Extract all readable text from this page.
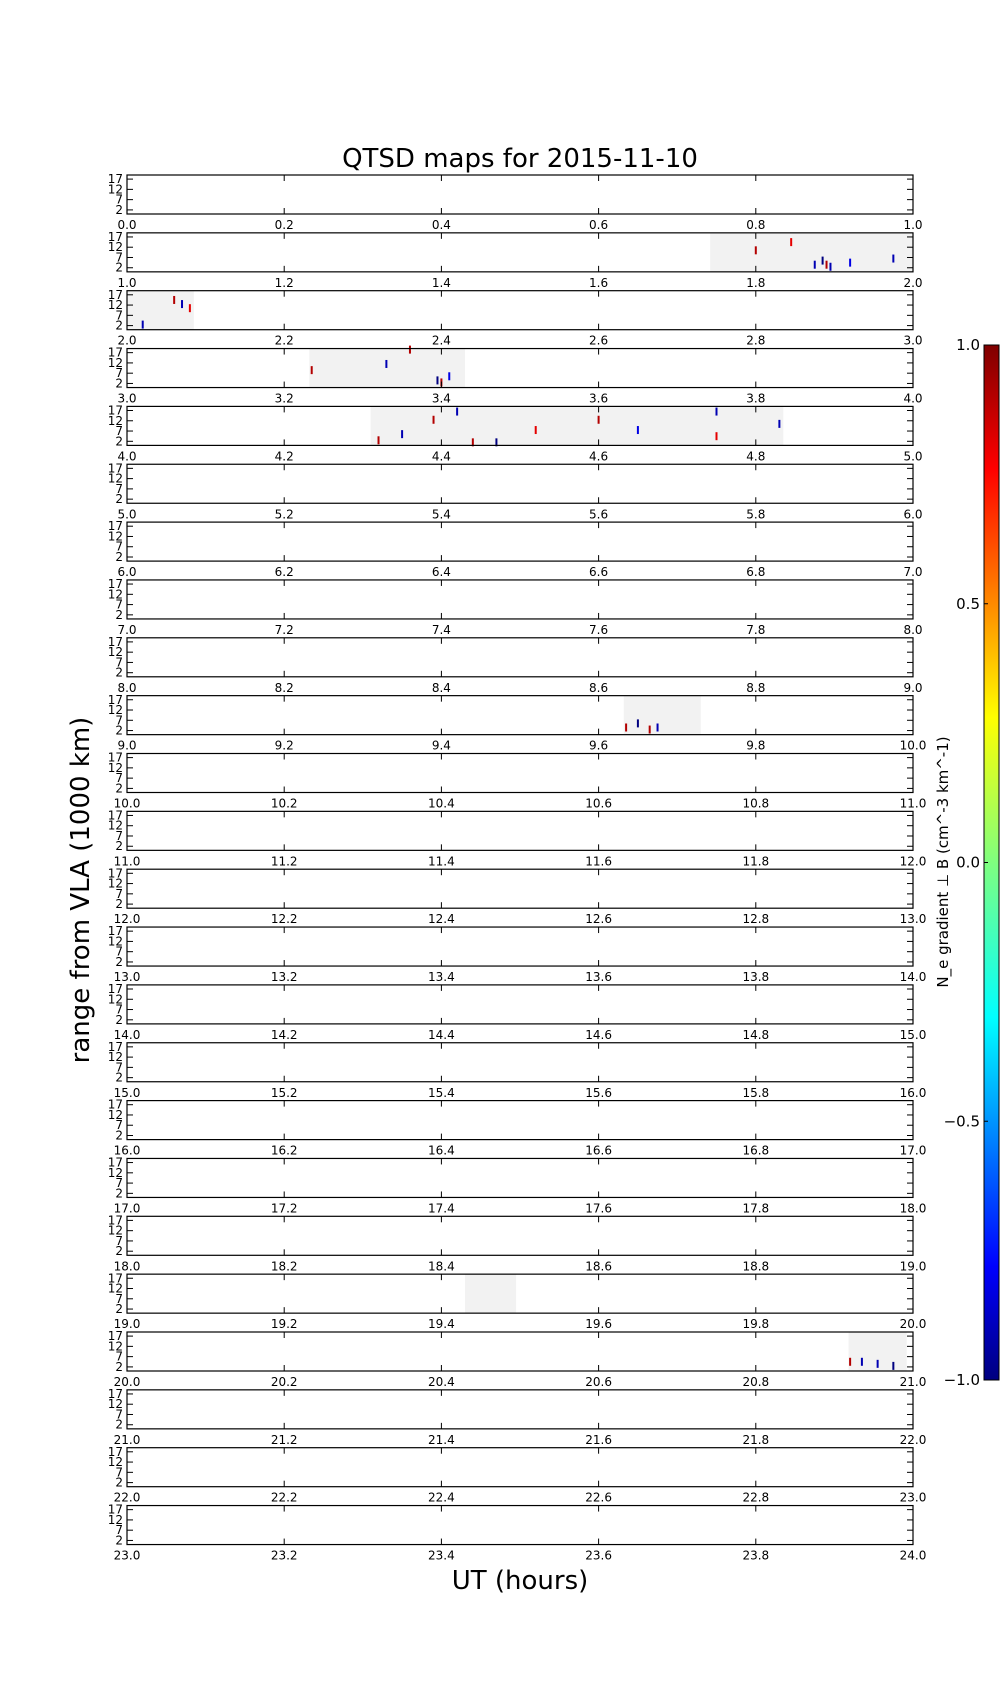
QTSD maps for 2015-11-10
range from VLA (1000 km)
UT (hours)
17
12
7
2
0.0	0.2	0.4	0.6	0.8	1.0
17
12
7
2
1.0	1.2	1.4	1.6	1.8	2.0
17
12
7
2
2.0	2.2	2.4	2.6	2.8	3.0
17
12
7
2
3.0	3.2	3.4	3.6	3.8	4.0
17
12
7
2
4.0	4.2	4.4	4.6	4.8	5.0
17
12
7
2
5.0	5.2	5.4	5.6	5.8	6.0
17
12
7
2
6.0	6.2	6.4	6.6	6.8	7.0
17
12
7
2
7.0	7.2	7.4	7.6	7.8	8.0
17
12
7
2
8.0	8.2	8.4	8.6	8.8	9.0
17
12
7
2
9.0	9.2	9.4	9.6	9.8	10.0
17
12
7
2
10.0	10.2	10.4	10.6	10.8	11.0
17
12
7
2
11.0	11.2	11.4	11.6	11.8	12.0
17
12
7
2
12.0	12.2	12.4	12.6	12.8	13.0
17
12
7
2
13.0	13.2	13.4	13.6	13.8	14.0
17
12
7
2
14.0	14.2	14.4	14.6	14.8	15.0
17
12
7
2
15.0	15.2	15.4	15.6	15.8	16.0
17
12
7
2
16.0	16.2	16.4	16.6	16.8	17.0
17
12
7
2
17.0	17.2	17.4	17.6	17.8	18.0
17
12
7
2
18.0	18.2	18.4	18.6	18.8	19.0
17
12
7
2
19.0	19.2	19.4	19.6	19.8	20.0
17
12
7
2
20.0	20.2	20.4	20.6	20.8	21.0
17
12
7
2
21.0	21.2	21.4	21.6	21.8	22.0
17
12
7
2
22.0	22.2	22.4	22.6	22.8	23.0
17
12
7
2
23.0	23.2	23.4	23.6	23.8	24.0
1.0
0.5
0.0
−0.5
−1.0
N_e gradient ⊥ B (cm^-3 km^-1)
